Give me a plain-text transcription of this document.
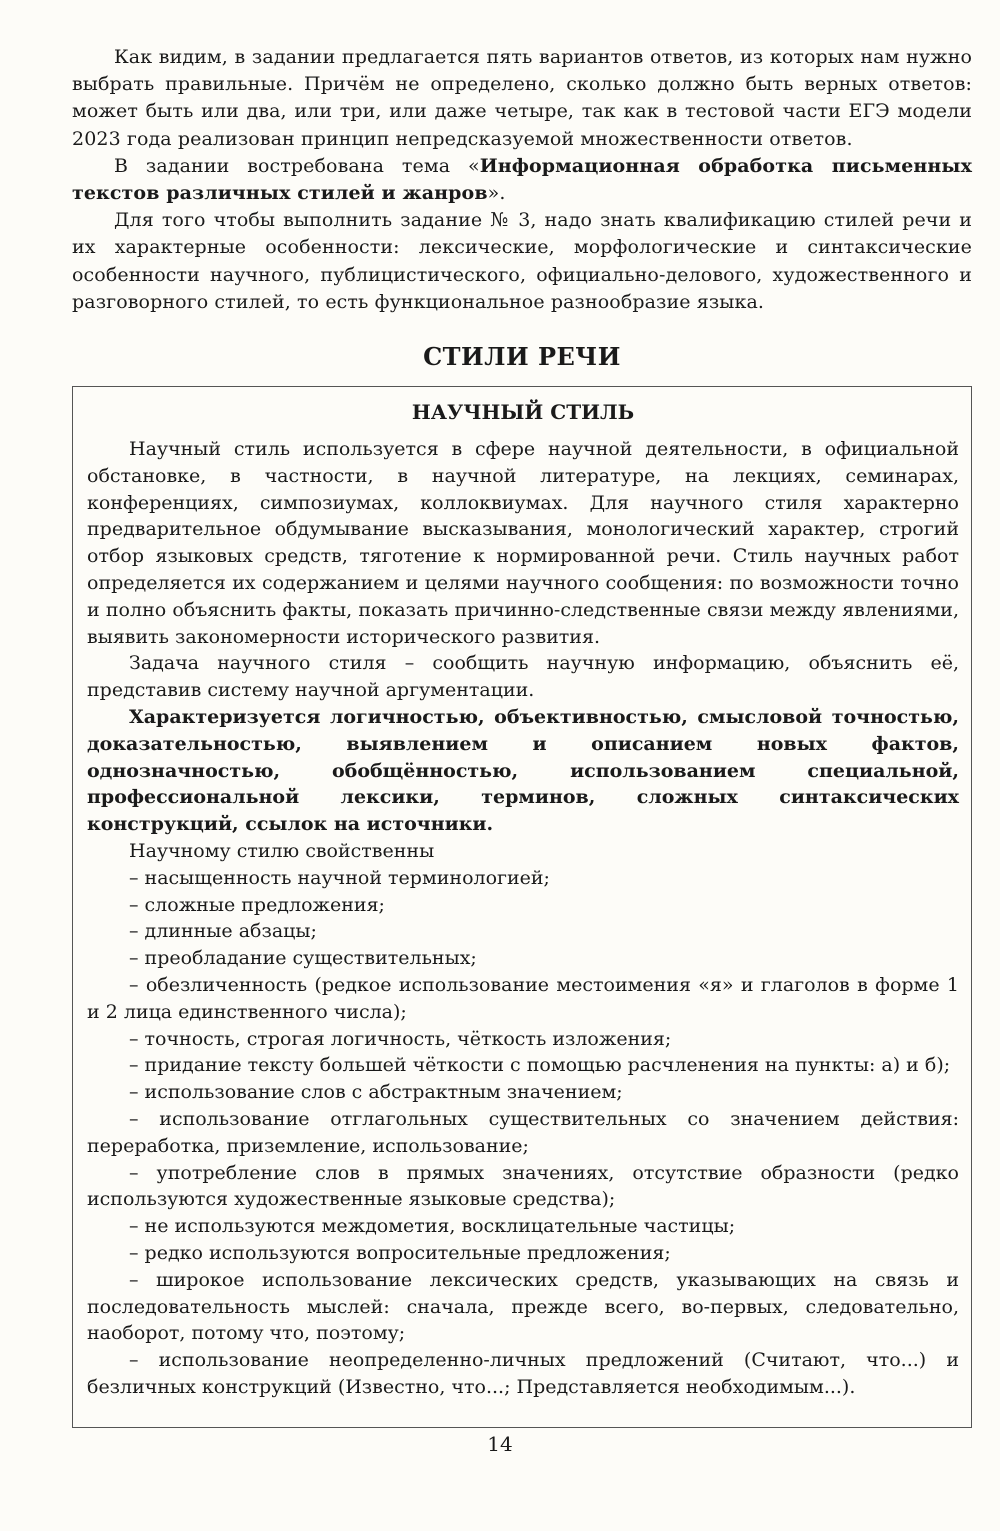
Как видим, в задании предлагается пять вариантов ответов, из которых нам нужно выбрать правильные. Причём не определено, сколько должно быть верных ответов: может быть или два, или три, или даже четыре, так как в тестовой части ЕГЭ модели 2023 года реализован принцип непредсказуемой множественности ответов.

В задании востребована тема «Информационная обработка письменных текстов различных стилей и жанров».

Для того чтобы выполнить задание № 3, надо знать квалификацию стилей речи и их характерные особенности: лексические, морфологические и синтаксические особенности научного, публицистического, официально-делового, художественного и разговорного стилей, то есть функциональное разнообразие языка.

СТИЛИ РЕЧИ
НАУЧНЫЙ СТИЛЬ

Научный стиль используется в сфере научной деятельности, в официальной обстановке, в частности, в научной литературе, на лекциях, семинарах, конференциях, симпозиумах, коллоквиумах. Для научного стиля характерно предварительное обдумывание высказывания, монологический характер, строгий отбор языковых средств, тяготение к нормированной речи. Стиль научных работ определяется их содержанием и целями научного сообщения: по возможности точно и полно объяснить факты, показать причинно-следственные связи между явлениями, выявить закономерности исторического развития.

Задача научного стиля – сообщить научную информацию, объяснить её, представив систему научной аргументации.

Характеризуется логичностью, объективностью, смысловой точностью, доказательностью, выявлением и описанием новых фактов, однозначностью, обобщённостью, использованием специальной, профессиональной лексики, терминов, сложных синтаксических конструкций, ссылок на источники.

Научному стилю свойственны

– насыщенность научной терминологией;

– сложные предложения;

– длинные абзацы;

– преобладание существительных;

– обезличенность (редкое использование местоимения «я» и глаголов в форме 1 и 2 лица единственного числа);

– точность, строгая логичность, чёткость изложения;

– придание тексту большей чёткости с помощью расчленения на пункты: а) и б);

– использование слов с абстрактным значением;

– использование отглагольных существительных со значением действия: переработка, приземление, использование;

– употребление слов в прямых значениях, отсутствие образности (редко используются художественные языковые средства);

– не используются междометия, восклицательные частицы;

– редко используются вопросительные предложения;

– широкое использование лексических средств, указывающих на связь и последовательность мыслей: сначала, прежде всего, во-первых, следовательно, наоборот, потому что, поэтому;

– использование неопределенно-личных предложений (Считают, что...) и безличных конструкций (Известно, что...; Представляется необходимым...).

14
